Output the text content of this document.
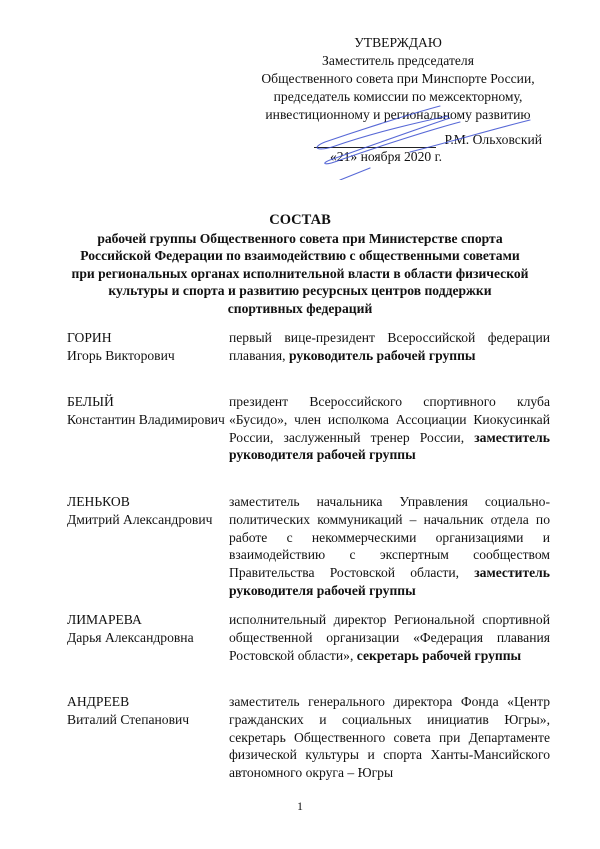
УТВЕРЖДАЮ
Заместитель председателя
Общественного совета при Минспорте России,
председатель комиссии по межсекторному,
инвестиционному и региональному развитию
Р.М. Ольховский
«21» ноября 2020 г.
СОСТАВ
рабочей группы Общественного совета при Министерстве спорта
Российской Федерации по взаимодействию с общественными советами
при региональных органах исполнительной власти в области физической
культуры и спорта и развитию ресурсных центров поддержки
спортивных федераций
ГОРИН
Игорь Викторович
первый вице-президент Всероссийской федерации плавания, руководитель рабочей группы
БЕЛЫЙ
Константин Владимирович
президент Всероссийского спортивного клуба «Бусидо», член исполкома Ассоциации Киокусинкай России, заслуженный тренер России, заместитель руководителя рабочей группы
ЛЕНЬКОВ
Дмитрий Александрович
заместитель начальника Управления социально-политических коммуникаций – начальник отдела по работе с некоммерческими организациями и взаимодействию с экспертным сообществом Правительства Ростовской области, заместитель руководителя рабочей группы
ЛИМАРЕВА
Дарья Александровна
исполнительный директор Региональной спортивной общественной организации «Федерация плавания Ростовской области», секретарь рабочей группы
АНДРЕЕВ
Виталий Степанович
заместитель генерального директора Фонда «Центр гражданских и социальных инициатив Югры», секретарь Общественного совета при Департаменте физической культуры и спорта Ханты-Мансийского автономного округа – Югры
1
